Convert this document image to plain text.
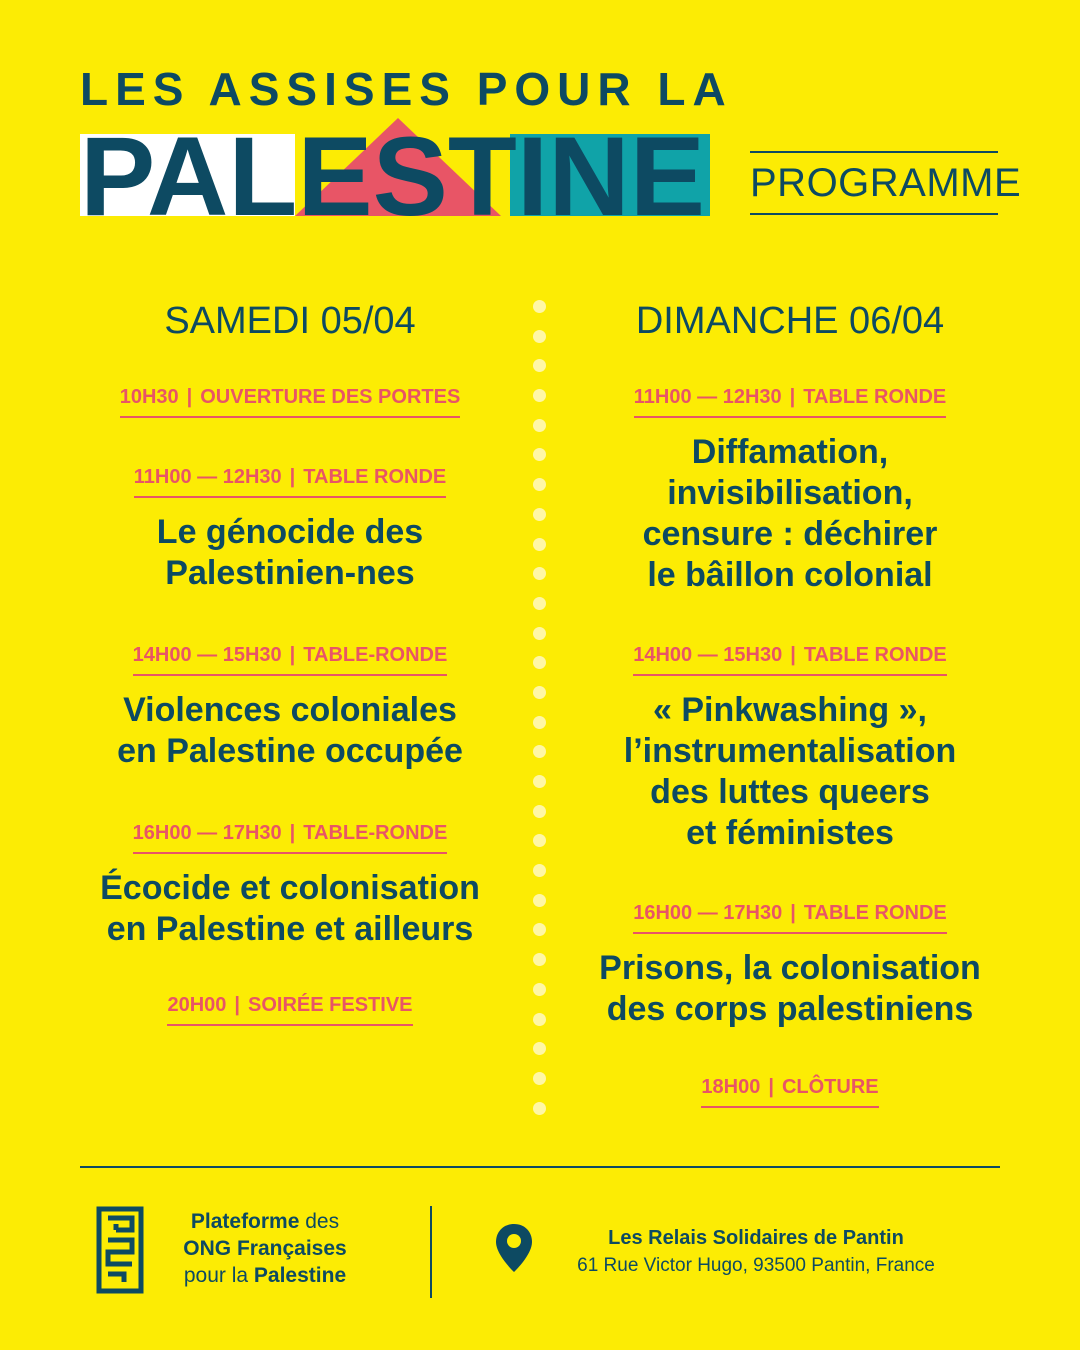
LES ASSISES POUR LA
PALESTINE PROGRAMME
SAMEDI 05/04
10H30 | OUVERTURE DES PORTES
11H00 — 12H30 | TABLE RONDE
Le génocide des
Palestinien-nes
14H00 — 15H30 | TABLE-RONDE
Violences coloniales
en Palestine occupée
16H00 — 17H30 | TABLE-RONDE
Écocide et colonisation
en Palestine et ailleurs
20H00 | SOIRÉE FESTIVE
DIMANCHE 06/04
11H00 — 12H30 | TABLE RONDE
Diffamation,
invisibilisation,
censure : déchirer
le bâillon colonial
14H00 — 15H30 | TABLE RONDE
« Pinkwashing »,
l’instrumentalisation
des luttes queers
et féministes
16H00 — 17H30 | TABLE RONDE
Prisons, la colonisation
des corps palestiniens
18H00 | CLÔTURE
Plateforme des
ONG Françaises
pour la Palestine
Les Relais Solidaires de Pantin
61 Rue Victor Hugo, 93500 Pantin, France
